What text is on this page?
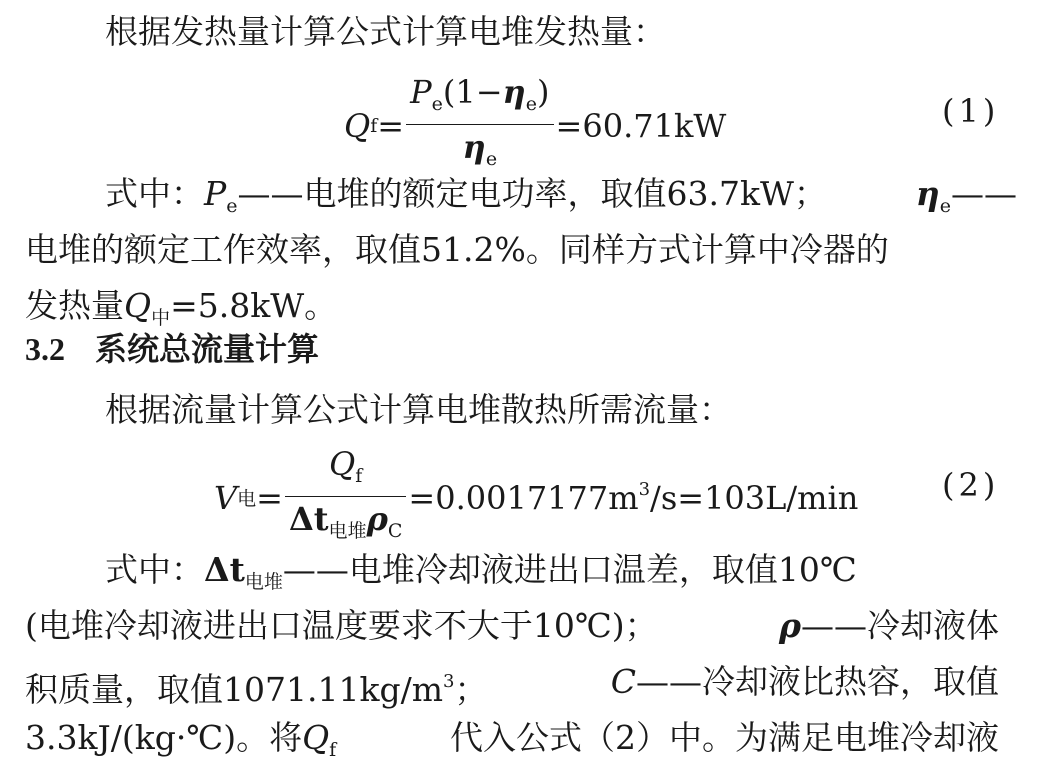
根据发热量计算公式计算电堆发热量：
Q $f = \frac{P_e(1-\eta_e)}{\eta_e} =60.71kW$	(1)
式中：$P_e——$电堆的额定电功率，取值63.7kW；	$\eta_e——$
电堆的额定工作效率，取值51.2%。同样方式计算中冷器的
发热量$Q_中=5.8kW$。
3.2 系统总流量计算
根据流量计算公式计算电堆散热所需流量：
V 电 = $\frac{Q_f}{\Delta t_{电堆}\rho_C} =0.0017177m^3/s=103L/\min$	(2)
式中：$\Delta t_{电堆}——$电堆冷却液进出口温差，取值10℃
(电堆冷却液进出口温度要求不大于10℃)；	ρ——冷却液体
积质量，取值$1071.11kg/m^3$；	C——冷却液比热容，取值
3.3kJ/(kg·℃)。将$Q_f$	代入公式（2）中。为满足电堆冷却液
